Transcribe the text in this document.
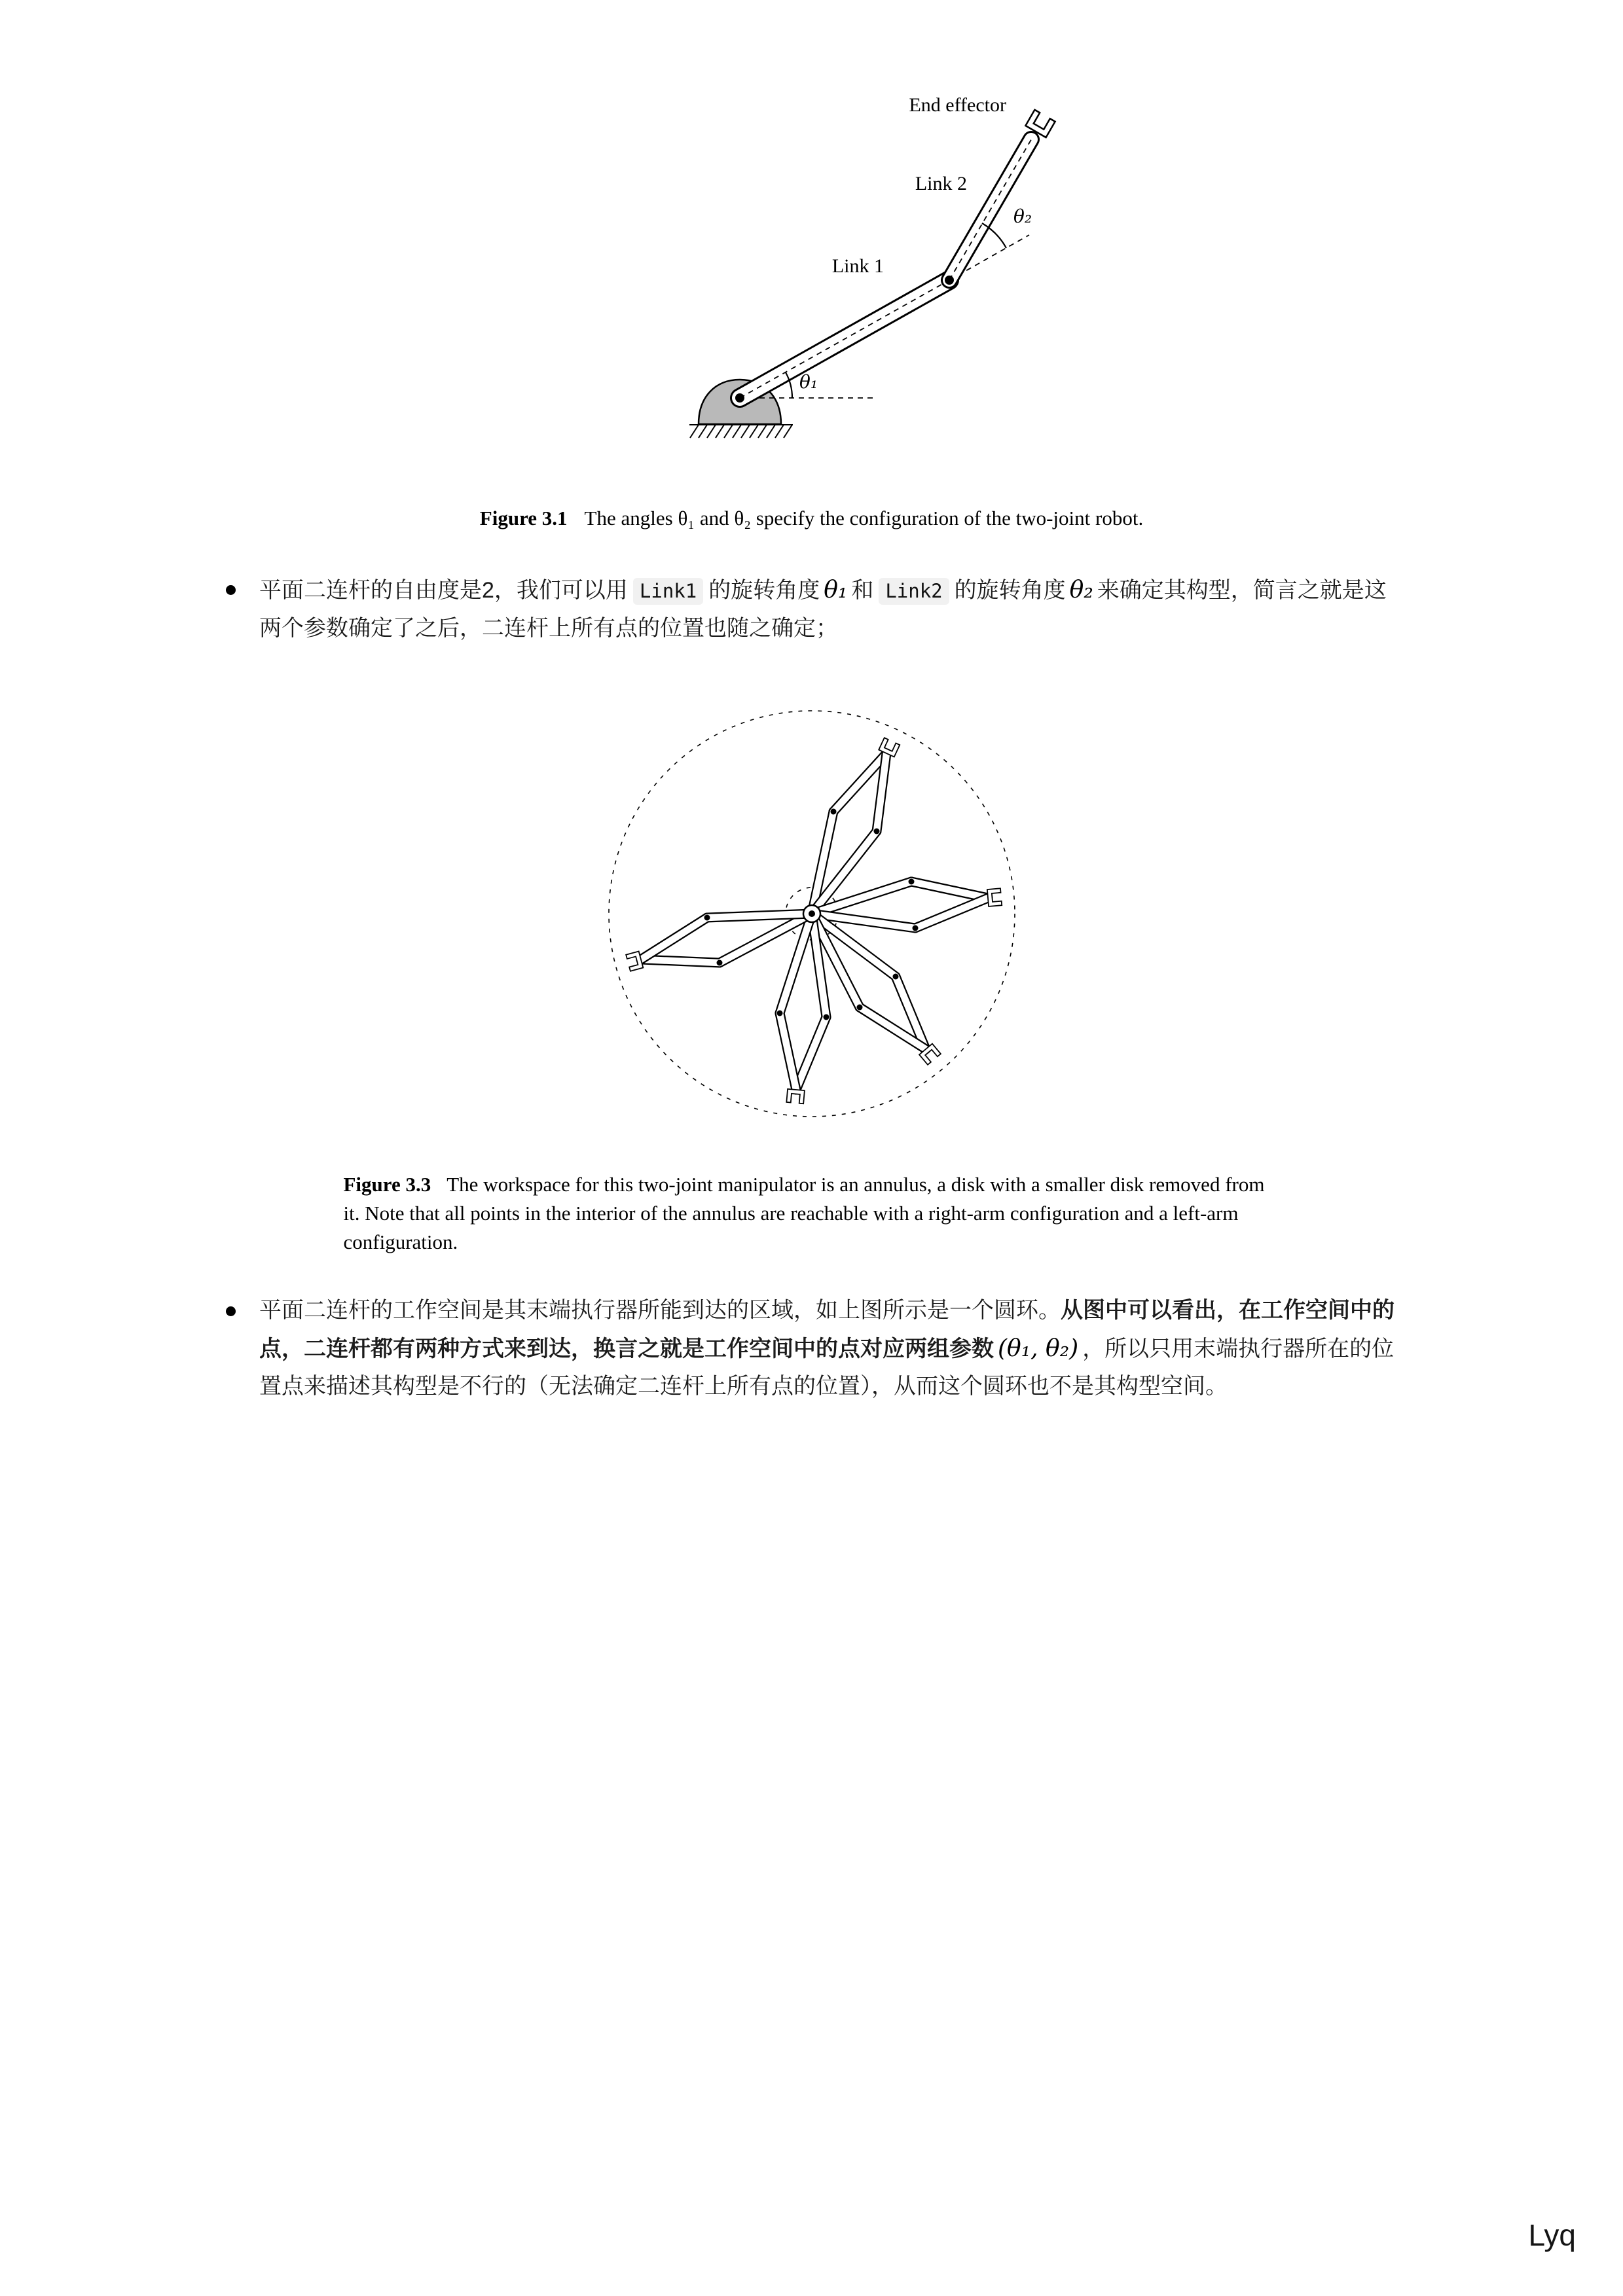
End effector
Link 2
Link 1
θ₁
θ₂
Figure 3.1 The angles θ₁ and θ₂ specify the configuration of the two-joint robot.
平面二连杆的自由度是2，我们可以用 Link1 的旋转角度 θ₁ 和 Link2 的旋转角度 θ₂ 来确定其构型，简言之就是这两个参数确定了之后，二连杆上所有点的位置也随之确定；
Figure 3.3 The workspace for this two-joint manipulator is an annulus, a disk with a smaller disk removed from it. Note that all points in the interior of the annulus are reachable with a right-arm configuration and a left-arm configuration.
平面二连杆的工作空间是其末端执行器所能到达的区域，如上图所示是一个圆环。从图中可以看出，在工作空间中的点，二连杆都有两种方式来到达，换言之就是工作空间中的点对应两组参数 (θ₁, θ₂) ，所以只用末端执行器所在的位置点来描述其构型是不行的（无法确定二连杆上所有点的位置），从而这个圆环也不是其构型空间。
Lyq
